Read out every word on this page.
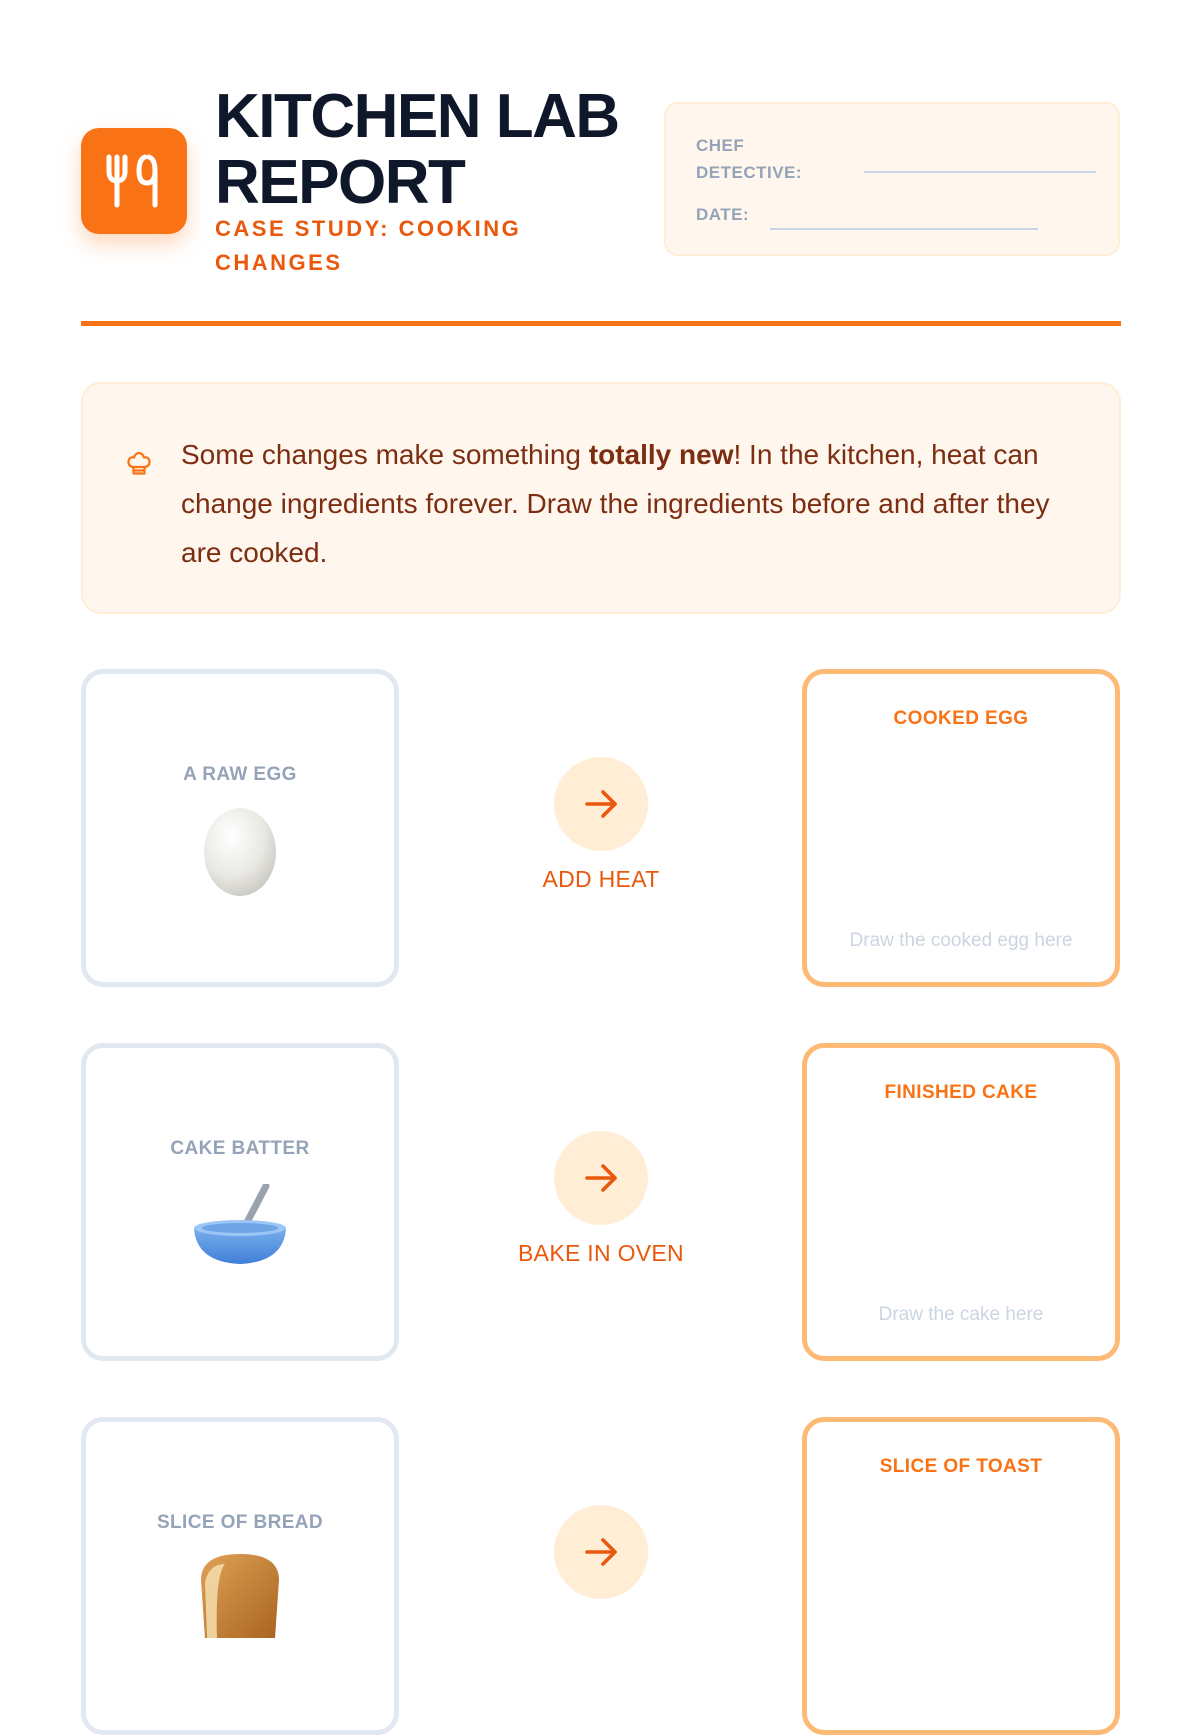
KITCHEN LAB
REPORT
CASE STUDY: COOKING CHANGES
CHEF
DETECTIVE:
DATE:
Some changes make something totally new! In the kitchen, heat can change ingredients forever. Draw the ingredients before and after they are cooked.
A RAW EGG
ADD HEAT
COOKED EGG
Draw the cooked egg here
CAKE BATTER
BAKE IN OVEN
FINISHED CAKE
Draw the cake here
SLICE OF BREAD
SLICE OF TOAST
